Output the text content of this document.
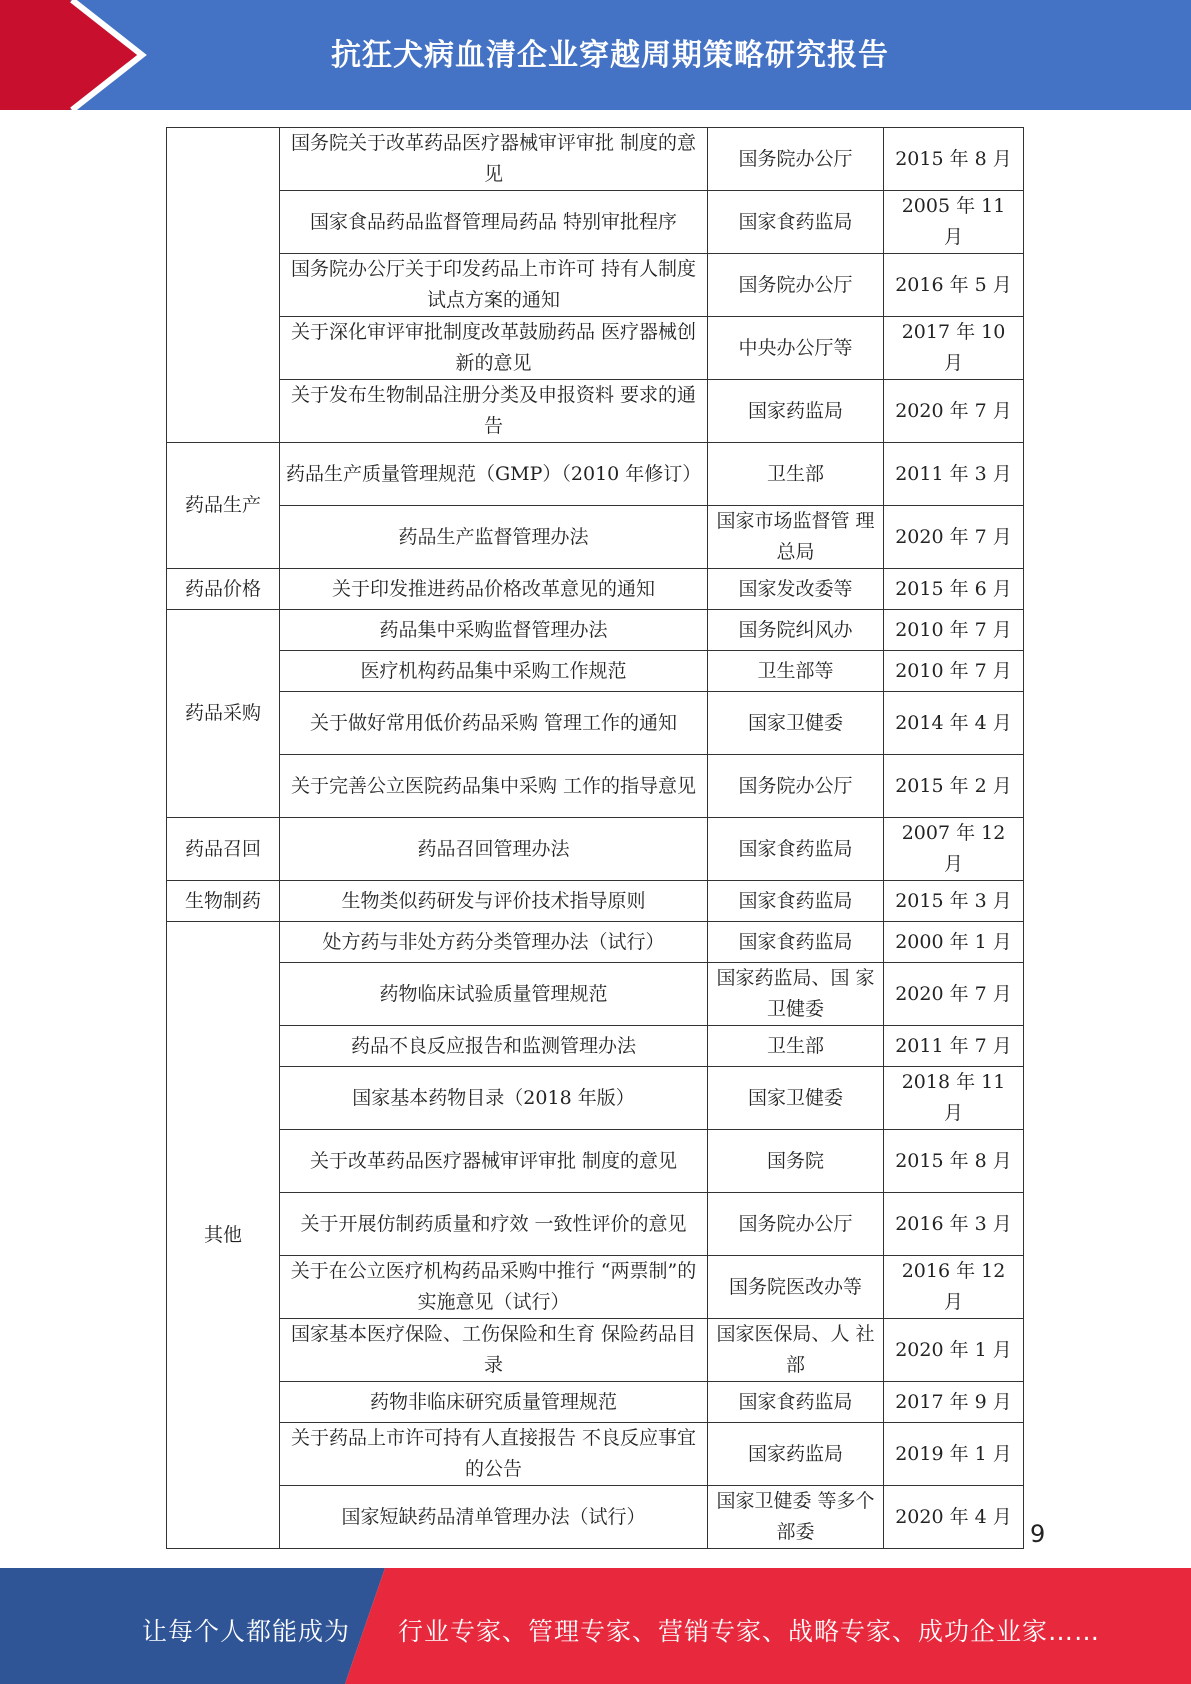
抗狂犬病血清企业穿越周期策略研究报告
	国务院关于改革药品医疗器械审评审批 制度的意见	国务院办公厅	2015 年 8 月
	国家食品药品监督管理局药品 特别审批程序	国家食药监局	2005 年 11 月
	国务院办公厅关于印发药品上市许可 持有人制度试点方案的通知	国务院办公厅	2016 年 5 月
	关于深化审评审批制度改革鼓励药品 医疗器械创新的意见	中央办公厅等	2017 年 10 月
	关于发布生物制品注册分类及申报资料 要求的通告	国家药监局	2020 年 7 月
药品生产	药品生产质量管理规范（GMP）（2010 年修订）	卫生部	2011 年 3 月
	药品生产监督管理办法	国家市场监督管 理总局	2020 年 7 月
药品价格	关于印发推进药品价格改革意见的通知	国家发改委等	2015 年 6 月
药品采购	药品集中采购监督管理办法	国务院纠风办	2010 年 7 月
	医疗机构药品集中采购工作规范	卫生部等	2010 年 7 月
	关于做好常用低价药品采购 管理工作的通知	国家卫健委	2014 年 4 月
	关于完善公立医院药品集中采购 工作的指导意见	国务院办公厅	2015 年 2 月
药品召回	药品召回管理办法	国家食药监局	2007 年 12 月
生物制药	生物类似药研发与评价技术指导原则	国家食药监局	2015 年 3 月
其他	处方药与非处方药分类管理办法（试行）	国家食药监局	2000 年 1 月
	药物临床试验质量管理规范	国家药监局、国 家卫健委	2020 年 7 月
	药品不良反应报告和监测管理办法	卫生部	2011 年 7 月
	国家基本药物目录（2018 年版）	国家卫健委	2018 年 11 月
	关于改革药品医疗器械审评审批 制度的意见	国务院	2015 年 8 月
	关于开展仿制药质量和疗效 一致性评价的意见	国务院办公厅	2016 年 3 月
	关于在公立医疗机构药品采购中推行 “两票制”的实施意见（试行）	国务院医改办等	2016 年 12 月
	国家基本医疗保险、工伤保险和生育 保险药品目录	国家医保局、人 社部	2020 年 1 月
	药物非临床研究质量管理规范	国家食药监局	2017 年 9 月
	关于药品上市许可持有人直接报告 不良反应事宜的公告	国家药监局	2019 年 1 月
	国家短缺药品清单管理办法（试行）	国家卫健委 等多个部委	2020 年 4 月
9
让每个人都能成为 行业专家、管理专家、营销专家、战略专家、成功企业家……
